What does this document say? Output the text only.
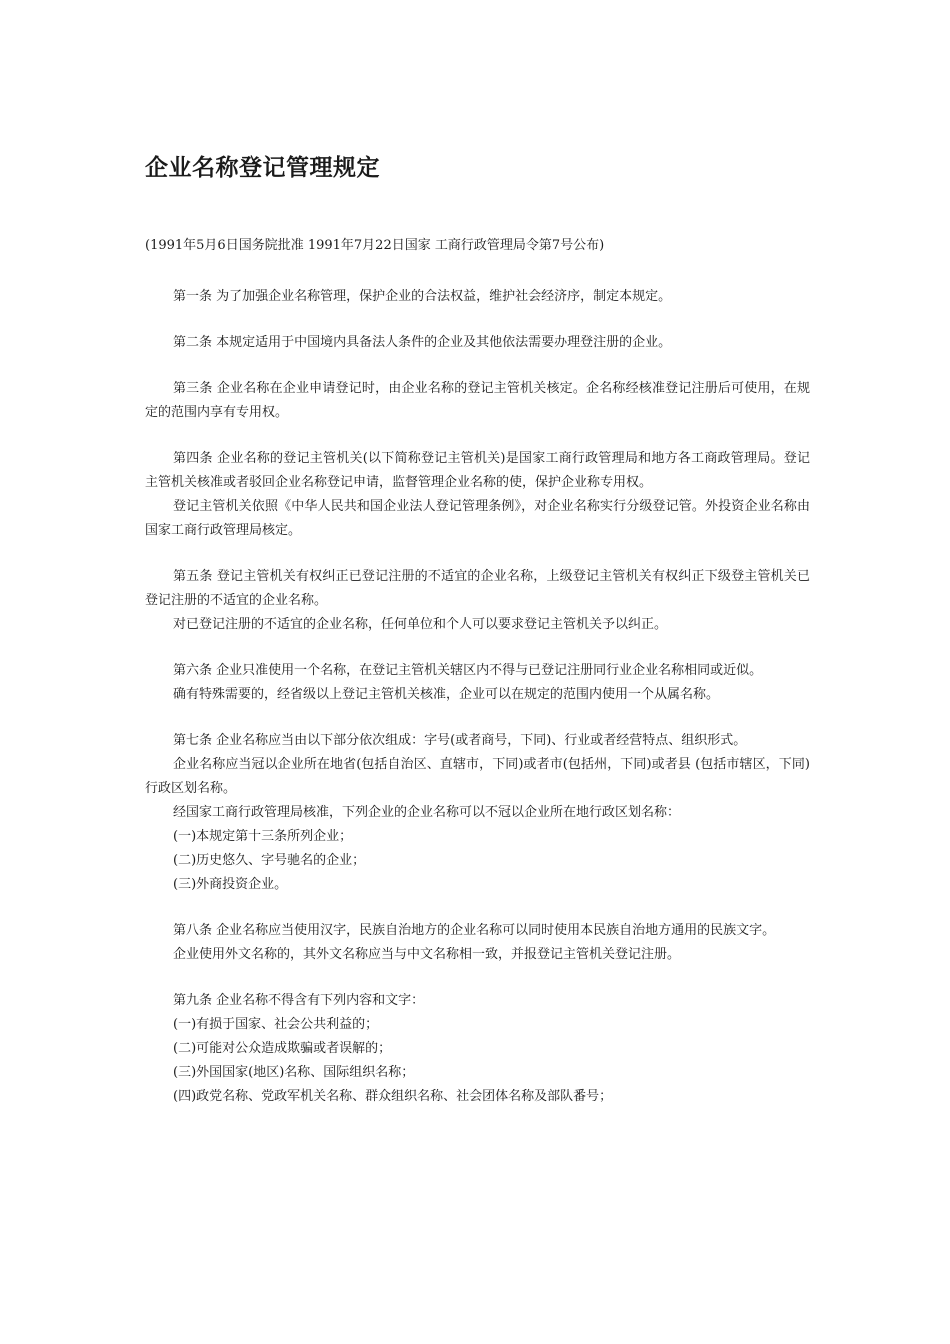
企业名称登记管理规定

(1991年5月6日国务院批准 1991年7月22日国家 工商行政管理局令第7号公布)

第一条 为了加强企业名称管理，保护企业的合法权益，维护社会经济序，制定本规定。

第二条 本规定适用于中国境内具备法人条件的企业及其他依法需要办理登注册的企业。

第三条 企业名称在企业申请登记时，由企业名称的登记主管机关核定。企名称经核准登记注册后可使用，在规定的范围内享有专用权。

第四条 企业名称的登记主管机关(以下简称登记主管机关)是国家工商行政管理局和地方各工商政管理局。登记主管机关核准或者驳回企业名称登记申请，监督管理企业名称的使，保护企业称专用权。

登记主管机关依照《中华人民共和国企业法人登记管理条例》，对企业名称实行分级登记管。外投资企业名称由国家工商行政管理局核定。

第五条 登记主管机关有权纠正已登记注册的不适宜的企业名称，上级登记主管机关有权纠正下级登主管机关已登记注册的不适宜的企业名称。

对已登记注册的不适宜的企业名称，任何单位和个人可以要求登记主管机关予以纠正。

第六条 企业只准使用一个名称，在登记主管机关辖区内不得与已登记注册同行业企业名称相同或近似。

确有特殊需要的，经省级以上登记主管机关核准，企业可以在规定的范围内使用一个从属名称。

第七条 企业名称应当由以下部分依次组成：字号(或者商号，下同)、行业或者经营特点、组织形式。

企业名称应当冠以企业所在地省(包括自治区、直辖市，下同)或者市(包括州，下同)或者县 (包括市辖区，下同)行政区划名称。

经国家工商行政管理局核准，下列企业的企业名称可以不冠以企业所在地行政区划名称：

(一)本规定第十三条所列企业；

(二)历史悠久、字号驰名的企业；

(三)外商投资企业。

第八条 企业名称应当使用汉字，民族自治地方的企业名称可以同时使用本民族自治地方通用的民族文字。

企业使用外文名称的，其外文名称应当与中文名称相一致，并报登记主管机关登记注册。

第九条 企业名称不得含有下列内容和文字：

(一)有损于国家、社会公共利益的；

(二)可能对公众造成欺骗或者误解的；

(三)外国国家(地区)名称、国际组织名称；

(四)政党名称、党政军机关名称、群众组织名称、社会团体名称及部队番号；
